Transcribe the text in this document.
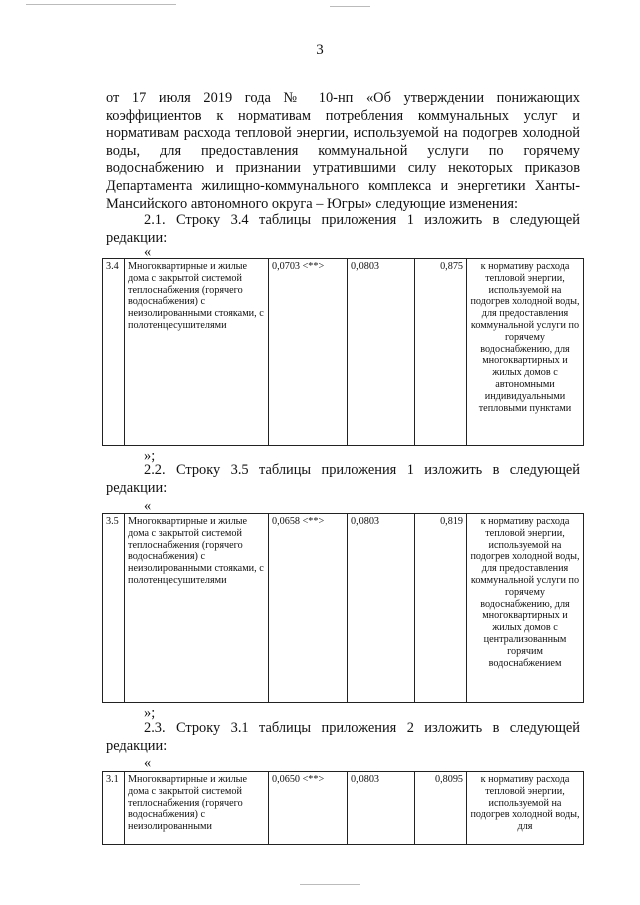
3
от 17 июля 2019 года № 10-нп «Об утверждении понижающих коэффициентов к нормативам потребления коммунальных услуг и нормативам расхода тепловой энергии, используемой на подогрев холодной воды, для предоставления коммунальной услуги по горячему водоснабжению и признании утратившими силу некоторых приказов Департамента жилищно-коммунального комплекса и энергетики Ханты-Мансийского автономного округа – Югры» следующие изменения:
2.1. Строку 3.4 таблицы приложения 1 изложить в следующей редакции:
«
3.4	Многоквартирные и жилые дома с закрытой системой теплоснабжения (горячего водоснабжения) с неизолированными стояками, с полотенцесушителями	0,0703 <**>	0,0803	0,875	к нормативу расхода тепловой энергии, используемой на подогрев холодной воды, для предоставления коммунальной услуги по горячему водоснабжению, для многоквартирных и жилых домов с автономными индивидуальными тепловыми пунктами
»;
2.2. Строку 3.5 таблицы приложения 1 изложить в следующей редакции:
«
3.5	Многоквартирные и жилые дома с закрытой системой теплоснабжения (горячего водоснабжения) с неизолированными стояками, с полотенцесушителями	0,0658 <**>	0,0803	0,819	к нормативу расхода тепловой энергии, используемой на подогрев холодной воды, для предоставления коммунальной услуги по горячему водоснабжению, для многоквартирных и жилых домов с централизованным горячим водоснабжением
»;
2.3. Строку 3.1 таблицы приложения 2 изложить в следующей редакции:
«
3.1	Многоквартирные и жилые дома с закрытой системой теплоснабжения (горячего водоснабжения) с неизолированными	0,0650 <**>	0,0803	0,8095	к нормативу расхода тепловой энергии, используемой на подогрев холодной воды, для
